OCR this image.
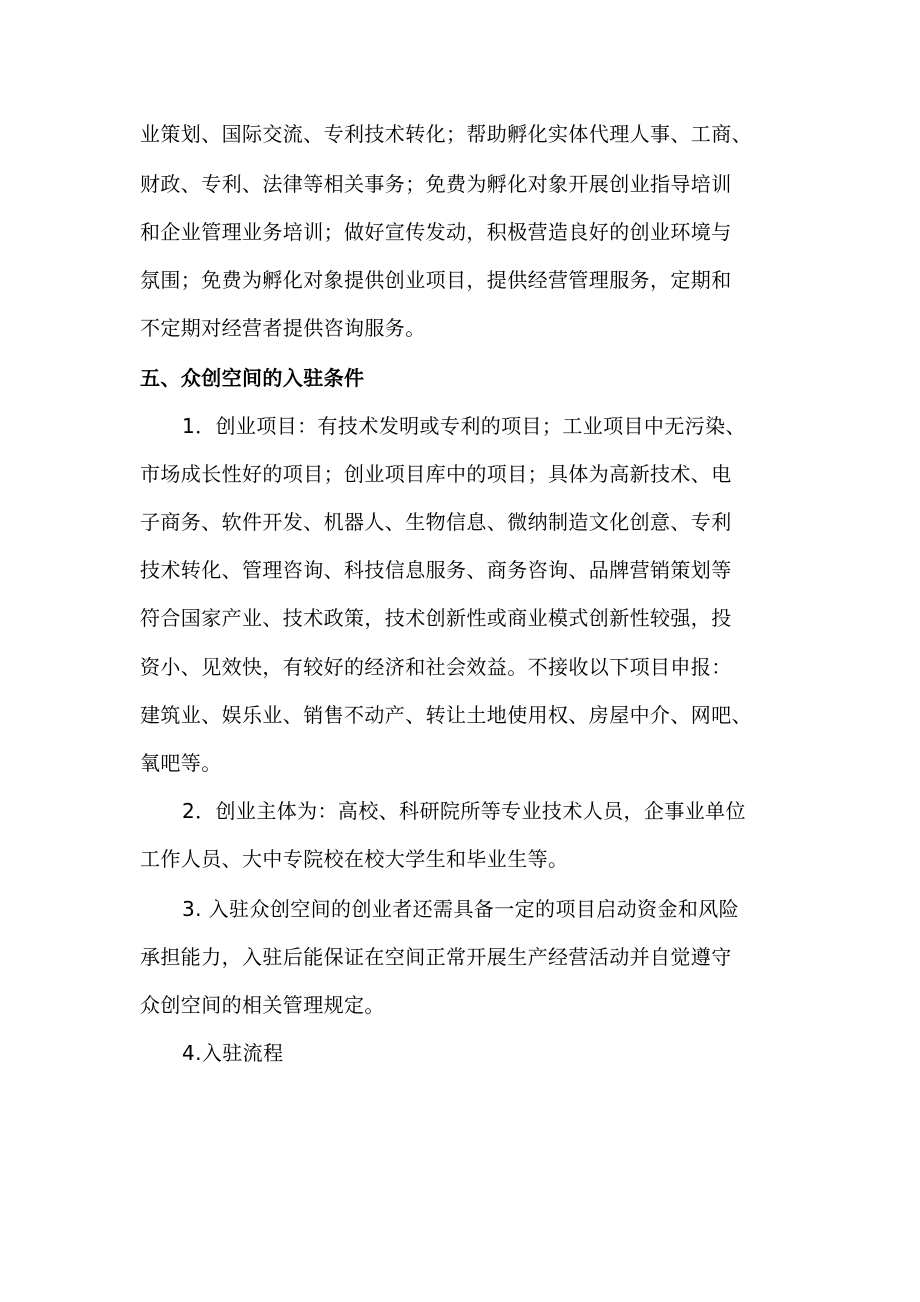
业策划、国际交流、专利技术转化；帮助孵化实体代理人事、工商、
财政、专利、法律等相关事务；免费为孵化对象开展创业指导培训
和企业管理业务培训；做好宣传发动，积极营造良好的创业环境与
氛围；免费为孵化对象提供创业项目，提供经营管理服务，定期和
不定期对经营者提供咨询服务。
五、众创空间的入驻条件
1．创业项目：有技术发明或专利的项目；工业项目中无污染、
市场成长性好的项目；创业项目库中的项目；具体为高新技术、电
子商务、软件开发、机器人、生物信息、微纳制造文化创意、专利
技术转化、管理咨询、科技信息服务、商务咨询、品牌营销策划等
符合国家产业、技术政策，技术创新性或商业模式创新性较强，投
资小、见效快，有较好的经济和社会效益。不接收以下项目申报：
建筑业、娱乐业、销售不动产、转让土地使用权、房屋中介、网吧、
氧吧等。
2．创业主体为：高校、科研院所等专业技术人员，企事业单位
工作人员、大中专院校在校大学生和毕业生等。
3. 入驻众创空间的创业者还需具备一定的项目启动资金和风险
承担能力，入驻后能保证在空间正常开展生产经营活动并自觉遵守
众创空间的相关管理规定。
4.入驻流程
